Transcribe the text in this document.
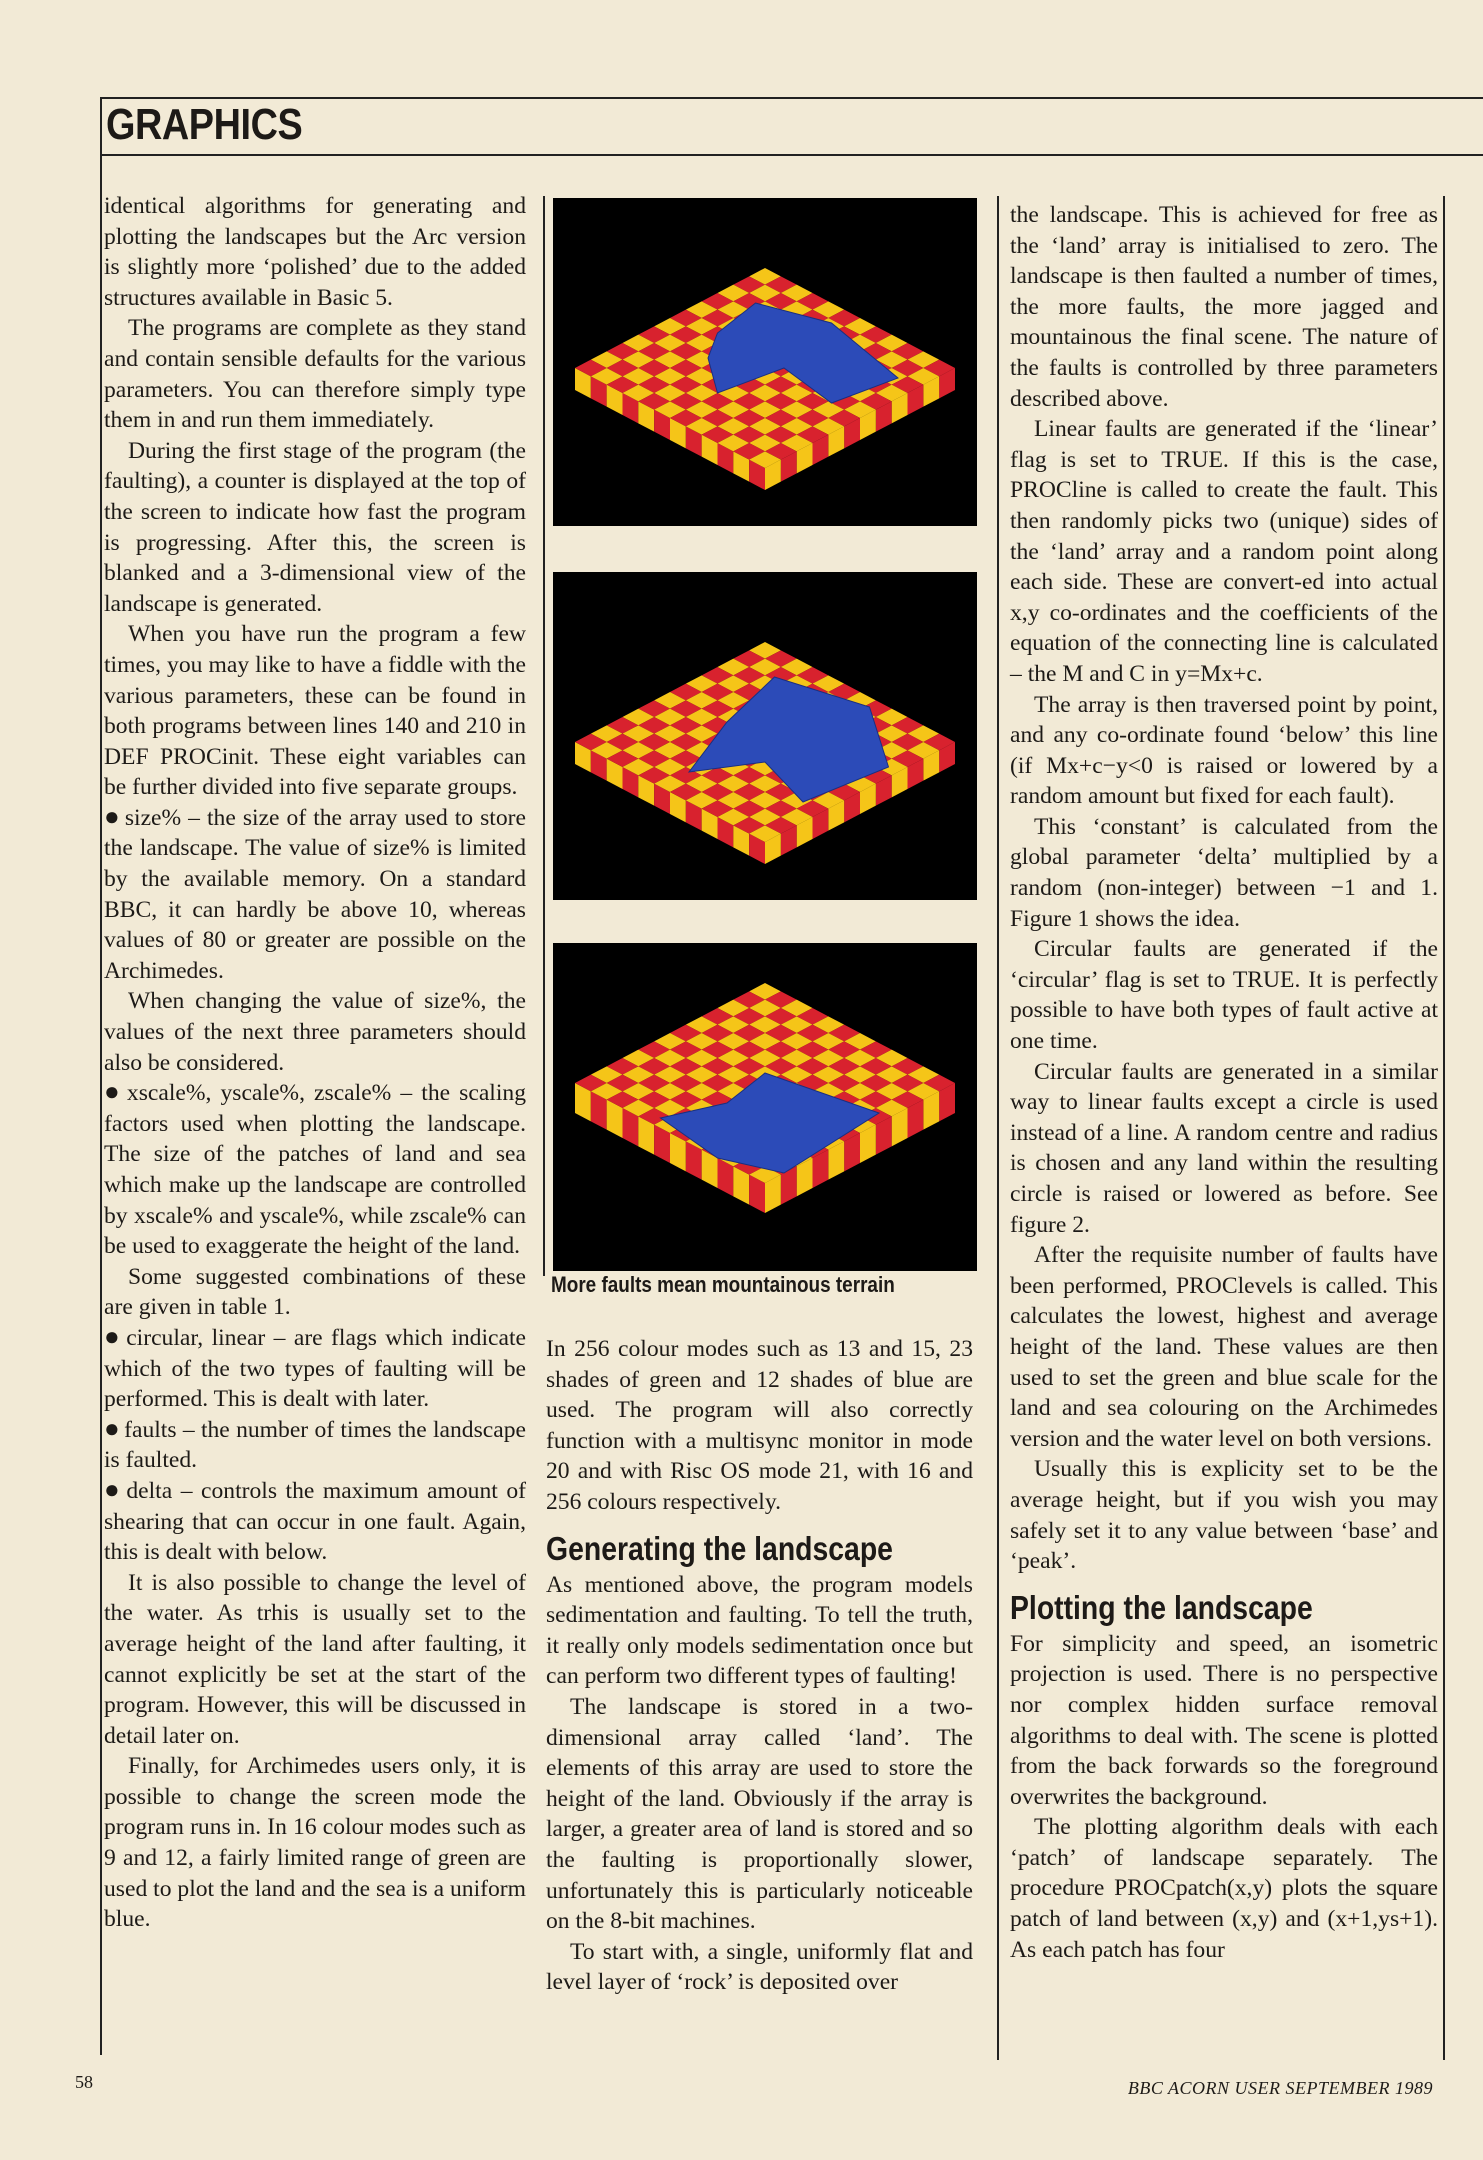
GRAPHICS

identical algorithms for generating and plotting the landscapes but the Arc version is slightly more ‘polished’ due to the added structures available in Basic 5.

The programs are complete as they stand and contain sensible defaults for the various parameters. You can therefore simply type them in and run them immediately.

During the first stage of the program (the faulting), a counter is displayed at the top of the screen to indicate how fast the program is progressing. After this, the screen is blanked and a 3-dimensional view of the landscape is generated.

When you have run the program a few times, you may like to have a fiddle with the various parameters, these can be found in both programs between lines 140 and 210 in DEF PROCinit. These eight variables can be further divided into five separate groups.

● size% – the size of the array used to store the landscape. The value of size% is limited by the available memory. On a standard BBC, it can hardly be above 10, whereas values of 80 or greater are possible on the Archimedes.

When changing the value of size%, the values of the next three parameters should also be considered.

● xscale%, yscale%, zscale% – the scaling factors used when plotting the landscape. The size of the patches of land and sea which make up the landscape are controlled by xscale% and yscale%, while zscale% can be used to exaggerate the height of the land.

Some suggested combinations of these are given in table 1.

● circular, linear – are flags which indicate which of the two types of faulting will be performed. This is dealt with later.

● faults – the number of times the landscape is faulted.

● delta – controls the maximum amount of shearing that can occur in one fault. Again, this is dealt with below.

It is also possible to change the level of the water. As trhis is usually set to the average height of the land after faulting, it cannot explicitly be set at the start of the program. However, this will be discussed in detail later on.

Finally, for Archimedes users only, it is possible to change the screen mode the program runs in. In 16 colour modes such as 9 and 12, a fairly limited range of green are used to plot the land and the sea is a uniform blue.

More faults mean mountainous terrain

In 256 colour modes such as 13 and 15, 23 shades of green and 12 shades of blue are used. The program will also correctly function with a multisync monitor in mode 20 and with Risc OS mode 21, with 16 and 256 colours respectively.

Generating the landscape

As mentioned above, the program models sedimentation and faulting. To tell the truth, it really only models sedimentation once but can perform two different types of faulting!

The landscape is stored in a two-dimensional array called ‘land’. The elements of this array are used to store the height of the land. Obviously if the array is larger, a greater area of land is stored and so the faulting is proportionally slower, unfortunately this is particularly noticeable on the 8-bit machines.

To start with, a single, uniformly flat and level layer of ‘rock’ is deposited over

the landscape. This is achieved for free as the ‘land’ array is initialised to zero. The landscape is then faulted a number of times, the more faults, the more jagged and mountainous the final scene. The nature of the faults is controlled by three parameters described above.

Linear faults are generated if the ‘linear’ flag is set to TRUE. If this is the case, PROCline is called to create the fault. This then randomly picks two (unique) sides of the ‘land’ array and a random point along each side. These are convert-ed into actual x,y co-ordinates and the coefficients of the equation of the connecting line is calculated – the M and C in y=Mx+c.

The array is then traversed point by point, and any co-ordinate found ‘below’ this line (if Mx+c−y<0 is raised or lowered by a random amount but fixed for each fault).

This ‘constant’ is calculated from the global parameter ‘delta’ multiplied by a random (non-integer) between −1 and 1. Figure 1 shows the idea.

Circular faults are generated if the ‘circular’ flag is set to TRUE. It is perfectly possible to have both types of fault active at one time.

Circular faults are generated in a similar way to linear faults except a circle is used instead of a line. A random centre and radius is chosen and any land within the resulting circle is raised or lowered as before. See figure 2.

After the requisite number of faults have been performed, PROClevels is called. This calculates the lowest, highest and average height of the land. These values are then used to set the green and blue scale for the land and sea colouring on the Archimedes version and the water level on both versions.

Usually this is explicity set to be the average height, but if you wish you may safely set it to any value between ‘base’ and ‘peak’.

Plotting the landscape

For simplicity and speed, an isometric projection is used. There is no perspective nor complex hidden surface removal algorithms to deal with. The scene is plotted from the back forwards so the foreground overwrites the background.

The plotting algorithm deals with each ‘patch’ of landscape separately. The procedure PROCpatch(x,y) plots the square patch of land between (x,y) and (x+1,ys+1). As each patch has four

58	BBC ACORN USER SEPTEMBER 1989
